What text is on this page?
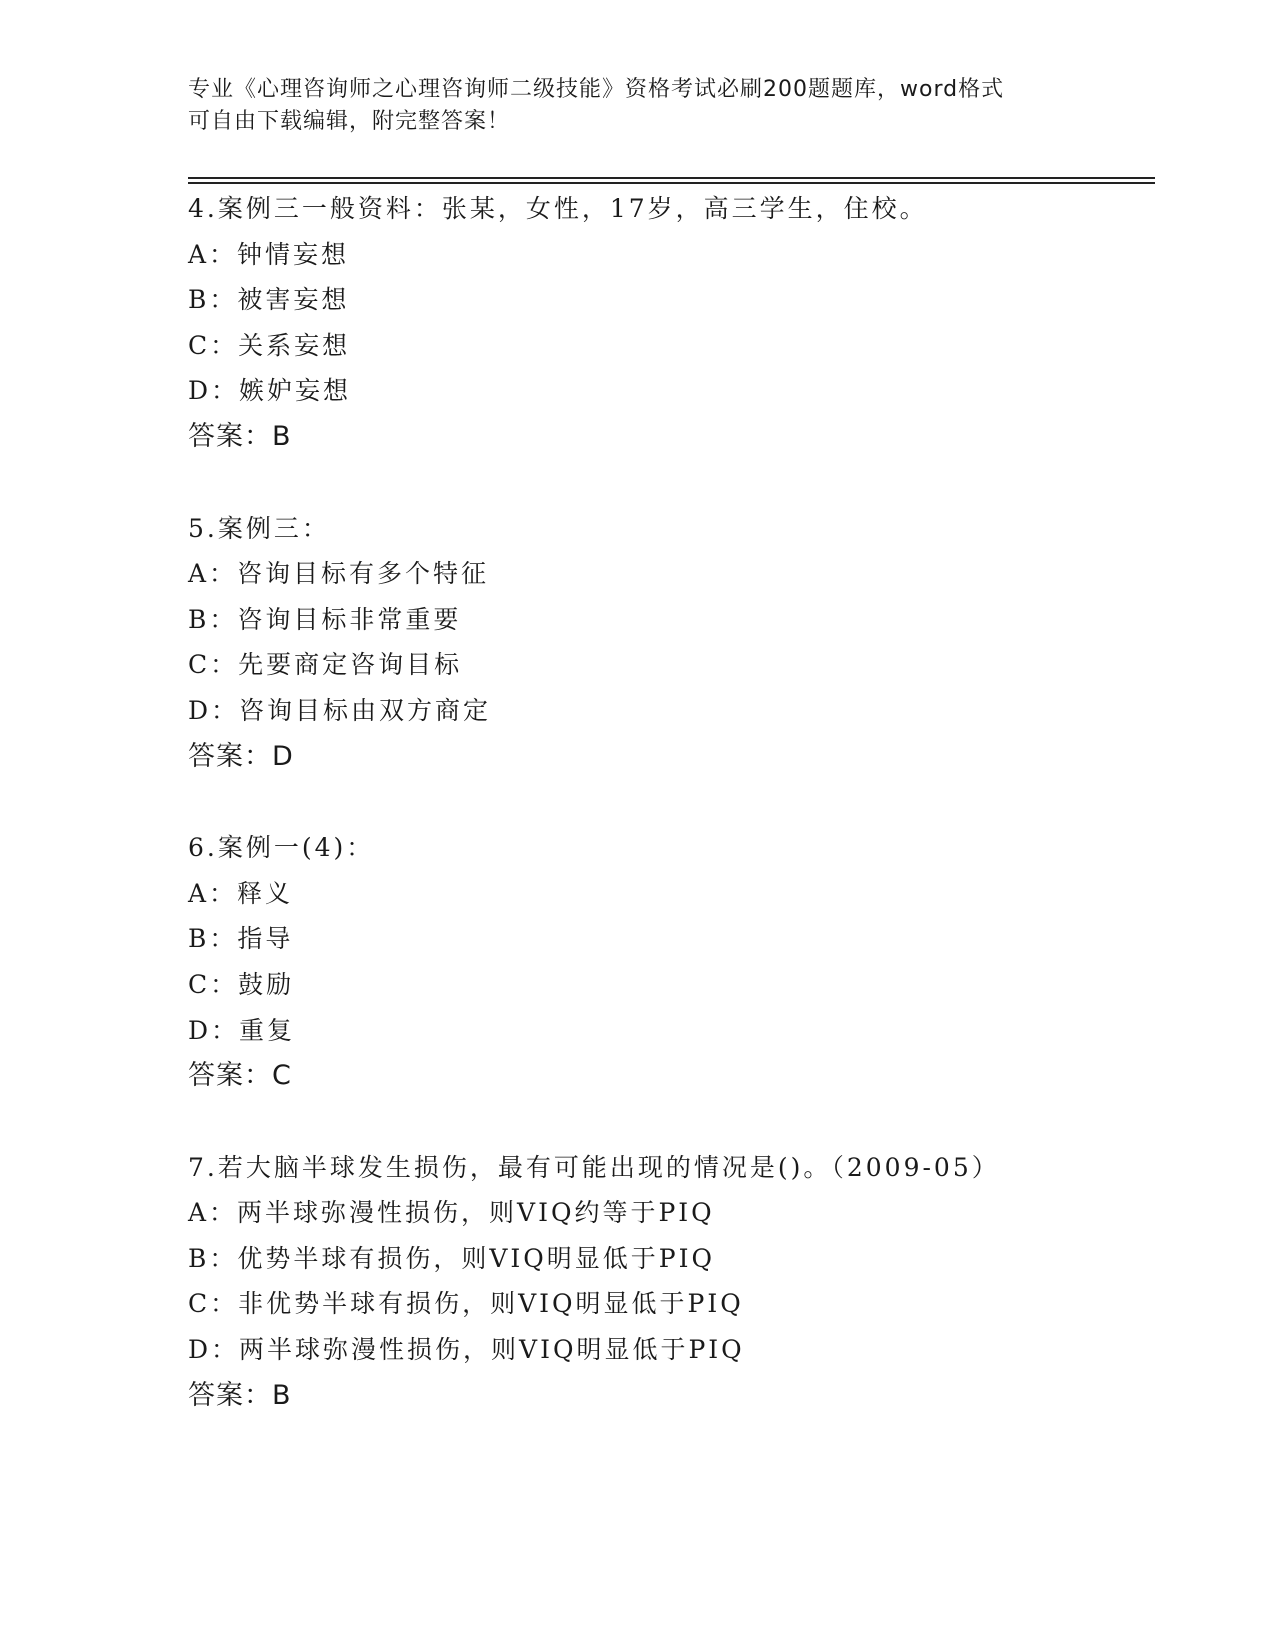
专业《心理咨询师之心理咨询师二级技能》资格考试必刷200题题库，word格式
可自由下载编辑，附完整答案！
4.案例三一般资料：张某，女性，17岁，高三学生，住校。
A：钟情妄想
B：被害妄想
C：关系妄想
D：嫉妒妄想
答案：B
5.案例三：
A：咨询目标有多个特征
B：咨询目标非常重要
C：先要商定咨询目标
D：咨询目标由双方商定
答案：D
6.案例一(4)：
A：释义
B：指导
C：鼓励
D：重复
答案：C
7.若大脑半球发生损伤，最有可能出现的情况是()。（2009-05）
A：两半球弥漫性损伤，则VIQ约等于PIQ
B：优势半球有损伤，则VIQ明显低于PIQ
C：非优势半球有损伤，则VIQ明显低于PIQ
D：两半球弥漫性损伤，则VIQ明显低于PIQ
答案：B
